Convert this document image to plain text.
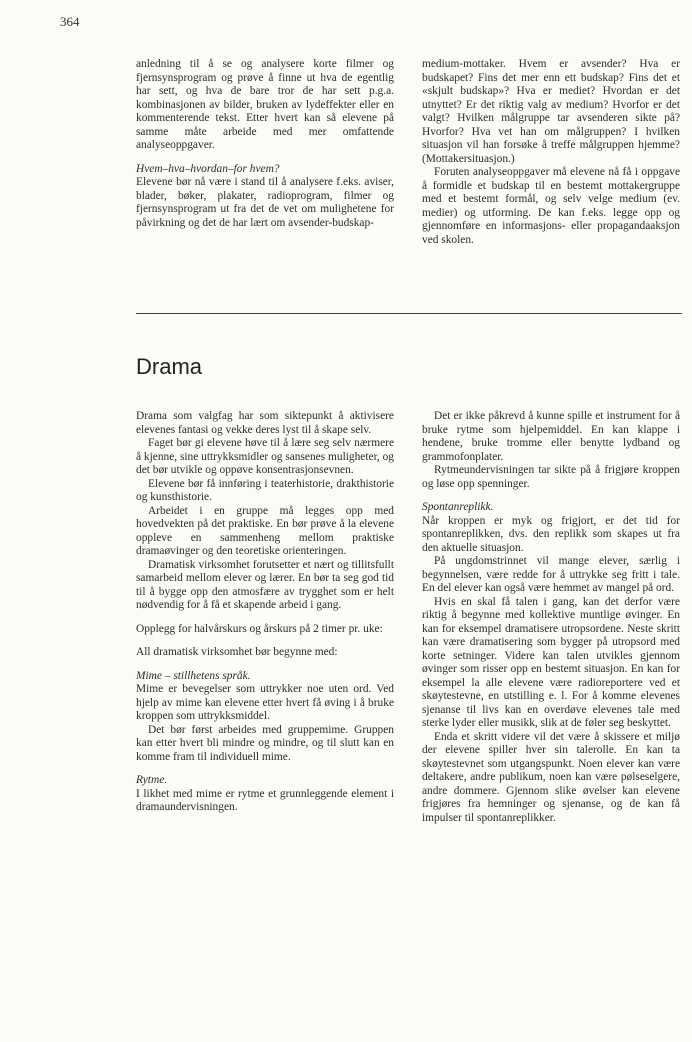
364

anledning til å se og analysere korte filmer og fjernsynsprogram og prøve å finne ut hva de egentlig har sett, og hva de bare tror de har sett p.g.a. kombinasjonen av bilder, bruken av lydeffekter eller en kommenterende tekst. Etter hvert kan så elevene på samme måte arbeide med mer omfattende analyseoppgaver.

Hvem–hva–hvordan–for hvem?

Elevene bør nå være i stand til å analysere f.eks. aviser, blader, bøker, plakater, radioprogram, filmer og fjernsynsprogram ut fra det de vet om mulighetene for påvirkning og det de har lært om avsender-budskap-

medium-mottaker. Hvem er avsender? Hva er budskapet? Fins det mer enn ett budskap? Fins det et «skjult budskap»? Hva er mediet? Hvordan er det utnyttet? Er det riktig valg av medium? Hvorfor er det valgt? Hvilken målgruppe tar avsenderen sikte på? Hvorfor? Hva vet han om målgruppen? I hvilken situasjon vil han forsøke å treffe målgruppen hjemme? (Mottakersituasjon.)

Foruten analyseoppgaver må elevene nå få i oppgave å formidle et budskap til en bestemt mottakergruppe med et bestemt formål, og selv velge medium (ev. medier) og utforming. De kan f.eks. legge opp og gjennomføre en informasjons- eller propagandaaksjon ved skolen.

Drama

Drama som valgfag har som siktepunkt å aktivisere elevenes fantasi og vekke deres lyst til å skape selv.

Faget bør gi elevene høve til å lære seg selv nærmere å kjenne, sine uttrykksmidler og sansenes muligheter, og det bør utvikle og oppøve konsentrasjonsevnen.

Elevene bør få innføring i teaterhistorie, drakthistorie og kunsthistorie.

Arbeidet i en gruppe må legges opp med hovedvekten på det praktiske. En bør prøve å la elevene oppleve en sammenheng mellom praktiske dramaøvinger og den teoretiske orienteringen.

Dramatisk virksomhet forutsetter et nært og tillitsfullt samarbeid mellom elever og lærer. En bør ta seg god tid til å bygge opp den atmosfære av trygghet som er helt nødvendig for å få et skapende arbeid i gang.

Opplegg for halvårskurs og årskurs på 2 timer pr. uke:

All dramatisk virksomhet bør begynne med:

Mime – stillhetens språk.

Mime er bevegelser som uttrykker noe uten ord. Ved hjelp av mime kan elevene etter hvert få øving i å bruke kroppen som uttrykksmiddel.

Det bør først arbeides med gruppemime. Gruppen kan etter hvert bli mindre og mindre, og til slutt kan en komme fram til individuell mime.

Rytme.

I likhet med mime er rytme et grunnleggende element i dramaundervisningen.

Det er ikke påkrevd å kunne spille et instrument for å bruke rytme som hjelpemiddel. En kan klappe i hendene, bruke tromme eller benytte lydband og grammofonplater.

Rytmeundervisningen tar sikte på å frigjøre kroppen og løse opp spenninger.

Spontanreplikk.

Når kroppen er myk og frigjort, er det tid for spontanreplikken, dvs. den replikk som skapes ut fra den aktuelle situasjon.

På ungdomstrinnet vil mange elever, særlig i begynnelsen, være redde for å uttrykke seg fritt i tale. En del elever kan også være hemmet av mangel på ord.

Hvis en skal få talen i gang, kan det derfor være riktig å begynne med kollektive muntlige øvinger. En kan for eksempel dramatisere utropsordene. Neste skritt kan være dramatisering som bygger på utropsord med korte setninger. Videre kan talen utvikles gjennom øvinger som risser opp en bestemt situasjon. En kan for eksempel la alle elevene være radioreportere ved et skøytestevne, en utstilling e. l. For å komme elevenes sjenanse til livs kan en overdøve elevenes tale med sterke lyder eller musikk, slik at de føler seg beskyttet.

Enda et skritt videre vil det være å skissere et miljø der elevene spiller hver sin talerolle. En kan ta skøytestevnet som utgangspunkt. Noen elever kan være deltakere, andre publikum, noen kan være pølseselgere, andre dommere. Gjennom slike øvelser kan elevene frigjøres fra hemninger og sjenanse, og de kan få impulser til spontanreplikker.
